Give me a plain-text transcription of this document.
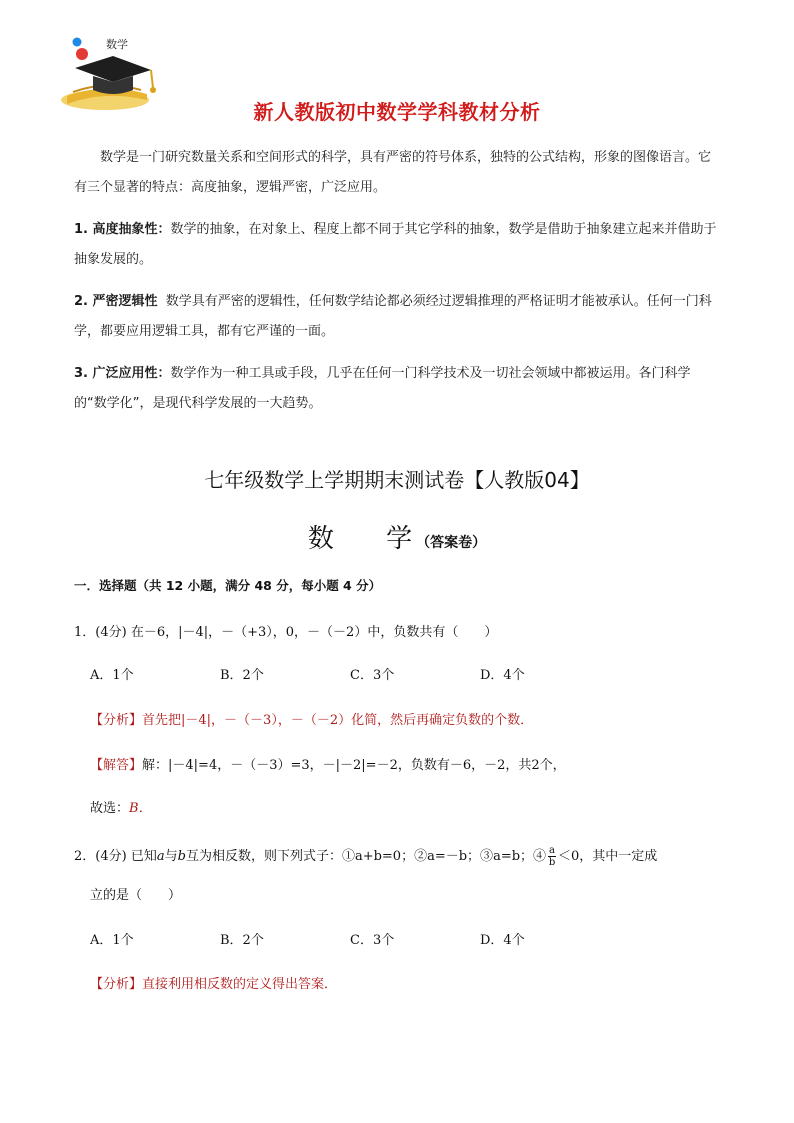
数学
新人教版初中数学学科教材分析
数学是一门研究数量关系和空间形式的科学，具有严密的符号体系，独特的公式结构，形象的图像语言。它有三个显著的特点：高度抽象，逻辑严密，广泛应用。
1. 高度抽象性：数学的抽象，在对象上、程度上都不同于其它学科的抽象，数学是借助于抽象建立起来并借助于抽象发展的。
2. 严密逻辑性 数学具有严密的逻辑性，任何数学结论都必须经过逻辑推理的严格证明才能被承认。任何一门科学，都要应用逻辑工具，都有它严谨的一面。
3. 广泛应用性：数学作为一种工具或手段，几乎在任何一门科学技术及一切社会领域中都被运用。各门科学的“数学化”，是现代科学发展的一大趋势。
七年级数学上学期期末测试卷【人教版04】
数 学（答案卷）
一．选择题（共 12 小题，满分 48 分，每小题 4 分）
1．(4分) 在－6，|－4|，－（+3），0，－（－2）中，负数共有（　　）
A．1个	B．2个	C．3个	D．4个
【分析】首先把|－4|，－（－3），－（－2）化简，然后再确定负数的个数．
【解答】解：|－4|=4，－（－3）=3，－|－2|=－2，负数有－6，－2，共2个，
故选：B．
2．(4分) 已知a与b互为相反数，则下列式子：①a+b=0；②a=－b；③a=b；④ $\frac{a}{b} <0$，其中一定成
立的是（　　）
A．1个	B．2个	C．3个	D．4个
【分析】直接利用相反数的定义得出答案．
